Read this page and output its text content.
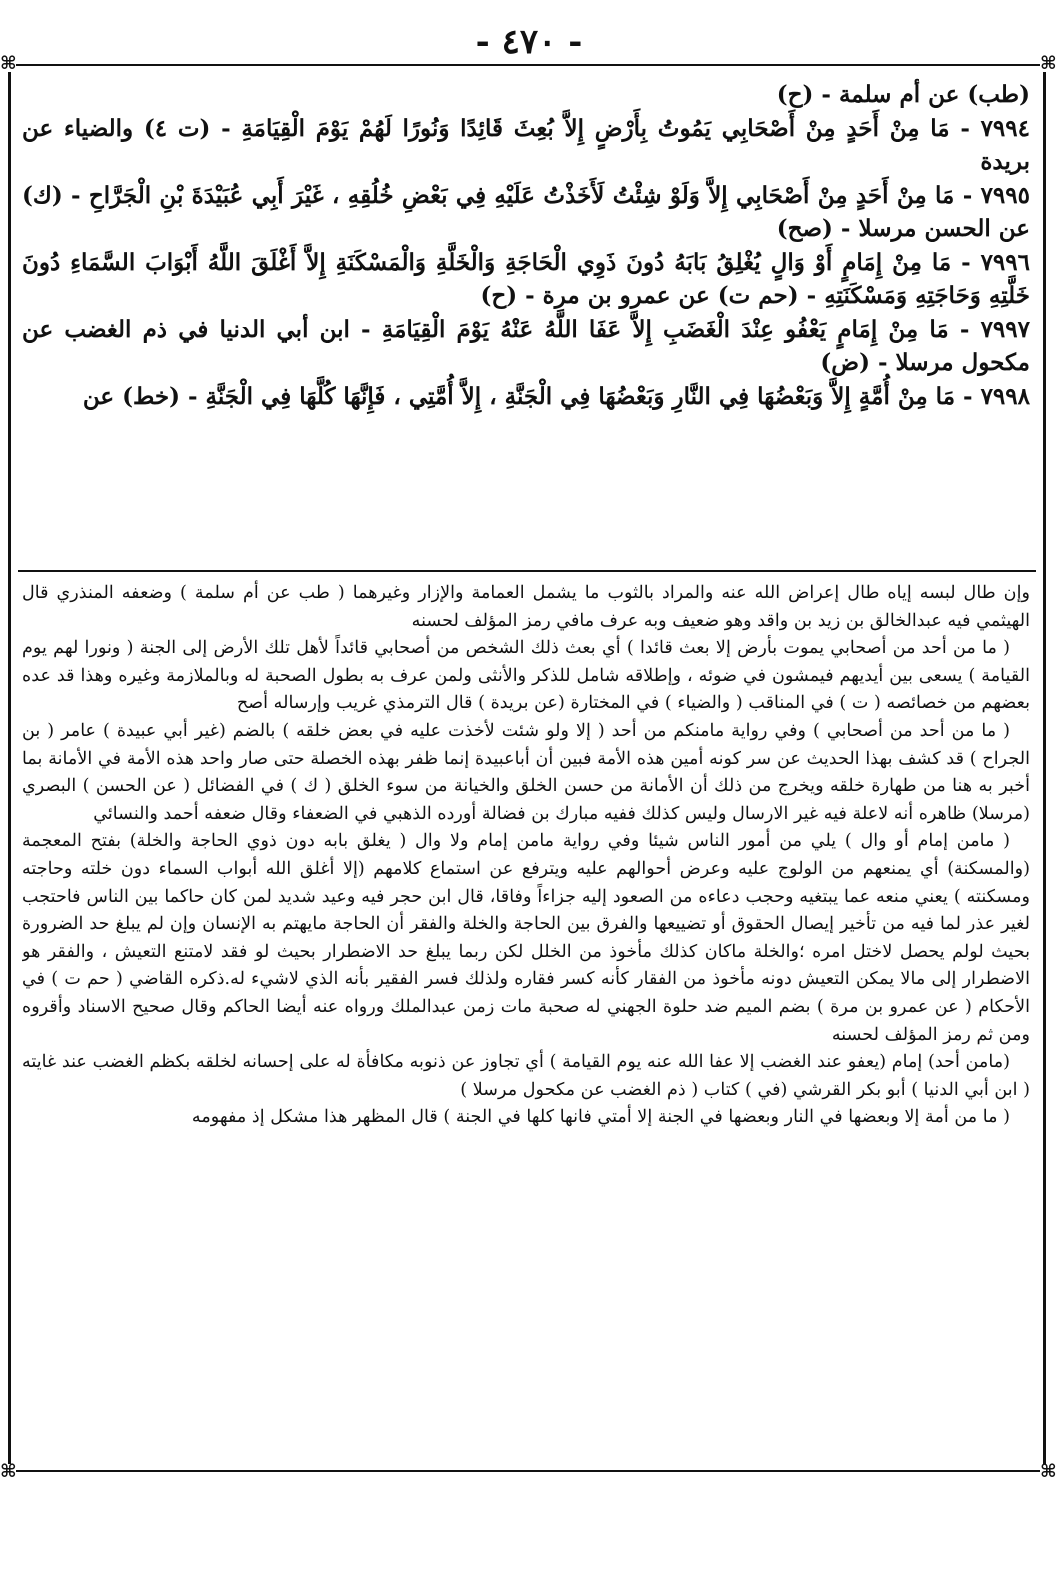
- ٤٧٠ -
⌘	⌘
⌘	⌘

(طب) عن أم سلمة - (ح)

٧٩٩٤ - مَا مِنْ أَحَدٍ مِنْ أَصْحَابِي يَمُوتُ بِأَرْضٍ إِلاَّ بُعِثَ قَائِدًا وَنُورًا لَهُمْ يَوْمَ الْقِيَامَةِ - (ت ٤) والضياء عن بريدة

٧٩٩٥ - مَا مِنْ أَحَدٍ مِنْ أَصْحَابِي إِلاَّ وَلَوْ شِئْتُ لَأَخَذْتُ عَلَيْهِ فِي بَعْضِ خُلُقِهِ ، غَيْرَ أَبِي عُبَيْدَةَ بْنِ الْجَرَّاحِ - (ك) عن الحسن مرسلا - (صح)

٧٩٩٦ - مَا مِنْ إِمَامٍ أَوْ وَالٍ يُغْلِقُ بَابَهُ دُونَ ذَوِي الْحَاجَةِ وَالْخَلَّةِ وَالْمَسْكَنَةِ إِلاَّ أَغْلَقَ اللَّهُ أَبْوَابَ السَّمَاءِ دُونَ خَلَّتِهِ وَحَاجَتِهِ وَمَسْكَنَتِهِ - (حم ت) عن عمرو بن مرة - (ح)

٧٩٩٧ - مَا مِنْ إِمَامٍ يَعْفُو عِنْدَ الْغَضَبِ إِلاَّ عَفَا اللَّهُ عَنْهُ يَوْمَ الْقِيَامَةِ - ابن أبي الدنيا في ذم الغضب عن مكحول مرسلا - (ض)

٧٩٩٨ - مَا مِنْ أُمَّةٍ إِلاَّ وَبَعْضُهَا فِي النَّارِ وَبَعْضُهَا فِي الْجَنَّةِ ، إِلاَّ أُمَّتِي ، فَإِنَّهَا كُلَّهَا فِي الْجَنَّةِ - (خط) عن

وإن طال لبسه إياه طال إعراض الله عنه والمراد بالثوب ما يشمل العمامة والإزار وغيرهما ( طب عن أم سلمة ) وضعفه المنذري قال الهيثمي فيه عبدالخالق بن زيد بن واقد وهو ضعيف وبه عرف مافي رمز المؤلف لحسنه

( ما من أحد من أصحابي يموت بأرض إلا بعث قائدا ) أي بعث ذلك الشخص من أصحابي قائداً لأهل تلك الأرض إلى الجنة ( ونورا لهم يوم القيامة ) يسعى بين أيديهم فيمشون في ضوئه ، وإطلاقه شامل للذكر والأنثى ولمن عرف به بطول الصحبة له وبالملازمة وغيره وهذا قد عده بعضهم من خصائصه ( ت ) في المناقب ( والضياء ) في المختارة (عن بريدة ) قال الترمذي غريب وإرساله أصح

( ما من أحد من أصحابي ) وفي رواية مامنكم من أحد ( إلا ولو شئت لأخذت عليه في بعض خلقه ) بالضم (غير أبي عبيدة ) عامر ( بن الجراح ) قد كشف بهذا الحديث عن سر كونه أمين هذه الأمة فبين أن أباعبيدة إنما ظفر بهذه الخصلة حتى صار واحد هذه الأمة في الأمانة بما أخبر به هنا من طهارة خلقه ويخرج من ذلك أن الأمانة من حسن الخلق والخيانة من سوء الخلق ( ك ) في الفضائل ( عن الحسن ) البصري (مرسلا) ظاهره أنه لاعلة فيه غير الارسال وليس كذلك ففيه مبارك بن فضالة أورده الذهبي في الضعفاء وقال ضعفه أحمد والنسائي

( مامن إمام أو وال ) يلي من أمور الناس شيئا وفي رواية مامن إمام ولا وال ( يغلق بابه دون ذوي الحاجة والخلة) بفتح المعجمة (والمسكنة) أي يمنعهم من الولوج عليه وعرض أحوالهم عليه ويترفع عن استماع كلامهم (إلا أغلق الله أبواب السماء دون خلته وحاجته ومسكنته ) يعني منعه عما يبتغيه وحجب دعاءه من الصعود إليه جزاءاً وفاقا، قال ابن حجر فيه وعيد شديد لمن كان حاكما بين الناس فاحتجب لغير عذر لما فيه من تأخير إيصال الحقوق أو تضييعها والفرق بين الحاجة والخلة والفقر أن الحاجة مايهتم به الإنسان وإن لم يبلغ حد الضرورة بحيث لولم يحصل لاختل امره ؛والخلة ماكان كذلك مأخوذ من الخلل لكن ربما يبلغ حد الاضطرار بحيث لو فقد لامتنع التعيش ، والفقر هو الاضطرار إلى مالا يمكن التعيش دونه مأخوذ من الفقار كأنه كسر فقاره ولذلك فسر الفقير بأنه الذي لاشيء له.ذكره القاضي ( حم ت ) في الأحكام ( عن عمرو بن مرة ) بضم الميم ضد حلوة الجهني له صحبة مات زمن عبدالملك ورواه عنه أيضا الحاكم وقال صحيح الاسناد وأقروه ومن ثم رمز المؤلف لحسنه

(مامن أحد) إمام (يعفو عند الغضب إلا عفا الله عنه يوم القيامة ) أي تجاوز عن ذنوبه مكافأة له على إحسانه لخلقه بكظم الغضب عند غايته ( ابن أبي الدنيا ) أبو بكر القرشي (في ) كتاب ( ذم الغضب عن مكحول مرسلا )

( ما من أمة إلا وبعضها في النار وبعضها في الجنة إلا أمتي فانها كلها في الجنة ) قال المظهر هذا مشكل إذ مفهومه
